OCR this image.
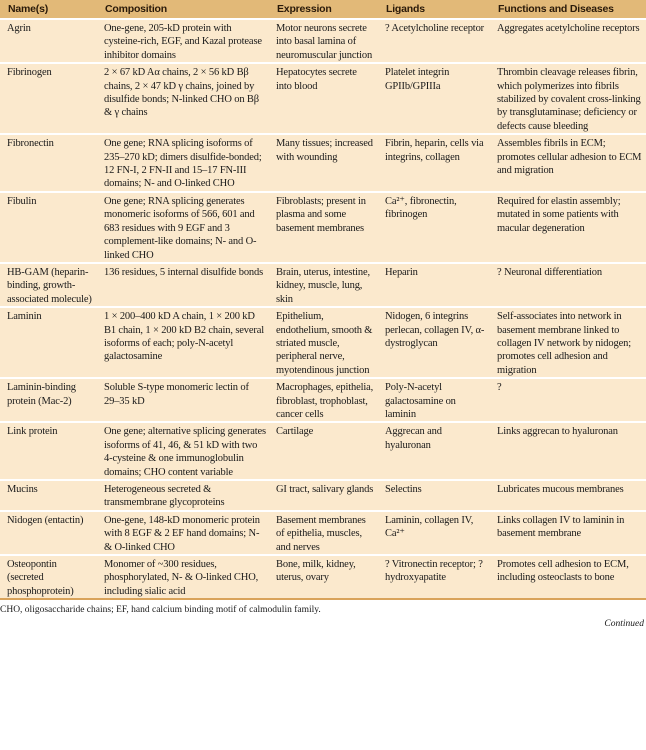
Name(s)	Composition	Expression	Ligands	Functions and Diseases
Agrin	One-gene, 205-kD protein with cysteine-rich, EGF, and Kazal protease inhibitor domains	Motor neurons secrete into basal lamina of neuromuscular junction	? Acetylcholine receptor	Aggregates acetylcholine receptors
Fibrinogen	2 × 67 kD Aα chains, 2 × 56 kD Bβ chains, 2 × 47 kD γ chains, joined by disulfide bonds; N-linked CHO on Bβ & γ chains	Hepatocytes secrete into blood	Platelet integrin GPIIb/GPIIIa	Thrombin cleavage releases fibrin, which polymerizes into fibrils stabilized by covalent cross-linking by transglutaminase; deficiency or defects cause bleeding
Fibronectin	One gene; RNA splicing isoforms of 235–270 kD; dimers disulfide-bonded; 12 FN-I, 2 FN-II and 15–17 FN-III domains; N- and O-linked CHO	Many tissues; increased with wounding	Fibrin, heparin, cells via integrins, collagen	Assembles fibrils in ECM; promotes cellular adhesion to ECM and migration
Fibulin	One gene; RNA splicing generates monomeric isoforms of 566, 601 and 683 residues with 9 EGF and 3 complement-like domains; N- and O-linked CHO	Fibroblasts; present in plasma and some basement membranes	Ca²⁺, fibronectin, fibrinogen	Required for elastin assembly; mutated in some patients with macular degeneration
HB-GAM (heparin-binding, growth-associated molecule)	136 residues, 5 internal disulfide bonds	Brain, uterus, intestine, kidney, muscle, lung, skin	Heparin	? Neuronal differentiation
Laminin	1 × 200–400 kD A chain, 1 × 200 kD B1 chain, 1 × 200 kD B2 chain, several isoforms of each; poly-N-acetyl galactosamine	Epithelium, endothelium, smooth & striated muscle, peripheral nerve, myotendinous junction	Nidogen, 6 integrins perlecan, collagen IV, α-dystroglycan	Self-associates into network in basement membrane linked to collagen IV network by nidogen; promotes cell adhesion and migration
Laminin-binding protein (Mac-2)	Soluble S-type monomeric lectin of 29–35 kD	Macrophages, epithelia, fibroblast, trophoblast, cancer cells	Poly-N-acetyl galactosamine on laminin	?
Link protein	One gene; alternative splicing generates isoforms of 41, 46, & 51 kD with two 4-cysteine & one immunoglobulin domains; CHO content variable	Cartilage	Aggrecan and hyaluronan	Links aggrecan to hyaluronan
Mucins	Heterogeneous secreted & transmembrane glycoproteins	GI tract, salivary glands	Selectins	Lubricates mucous membranes
Nidogen (entactin)	One-gene, 148-kD monomeric protein with 8 EGF & 2 EF hand domains; N- & O-linked CHO	Basement membranes of epithelia, muscles, and nerves	Laminin, collagen IV, Ca²⁺	Links collagen IV to laminin in basement membrane
Osteopontin (secreted phosphoprotein)	Monomer of ~300 residues, phosphorylated, N- & O-linked CHO, including sialic acid	Bone, milk, kidney, uterus, ovary	? Vitronectin receptor; ? hydroxyapatite	Promotes cell adhesion to ECM, including osteoclasts to bone
CHO, oligosaccharide chains; EF, hand calcium binding motif of calmodulin family.
Continued
